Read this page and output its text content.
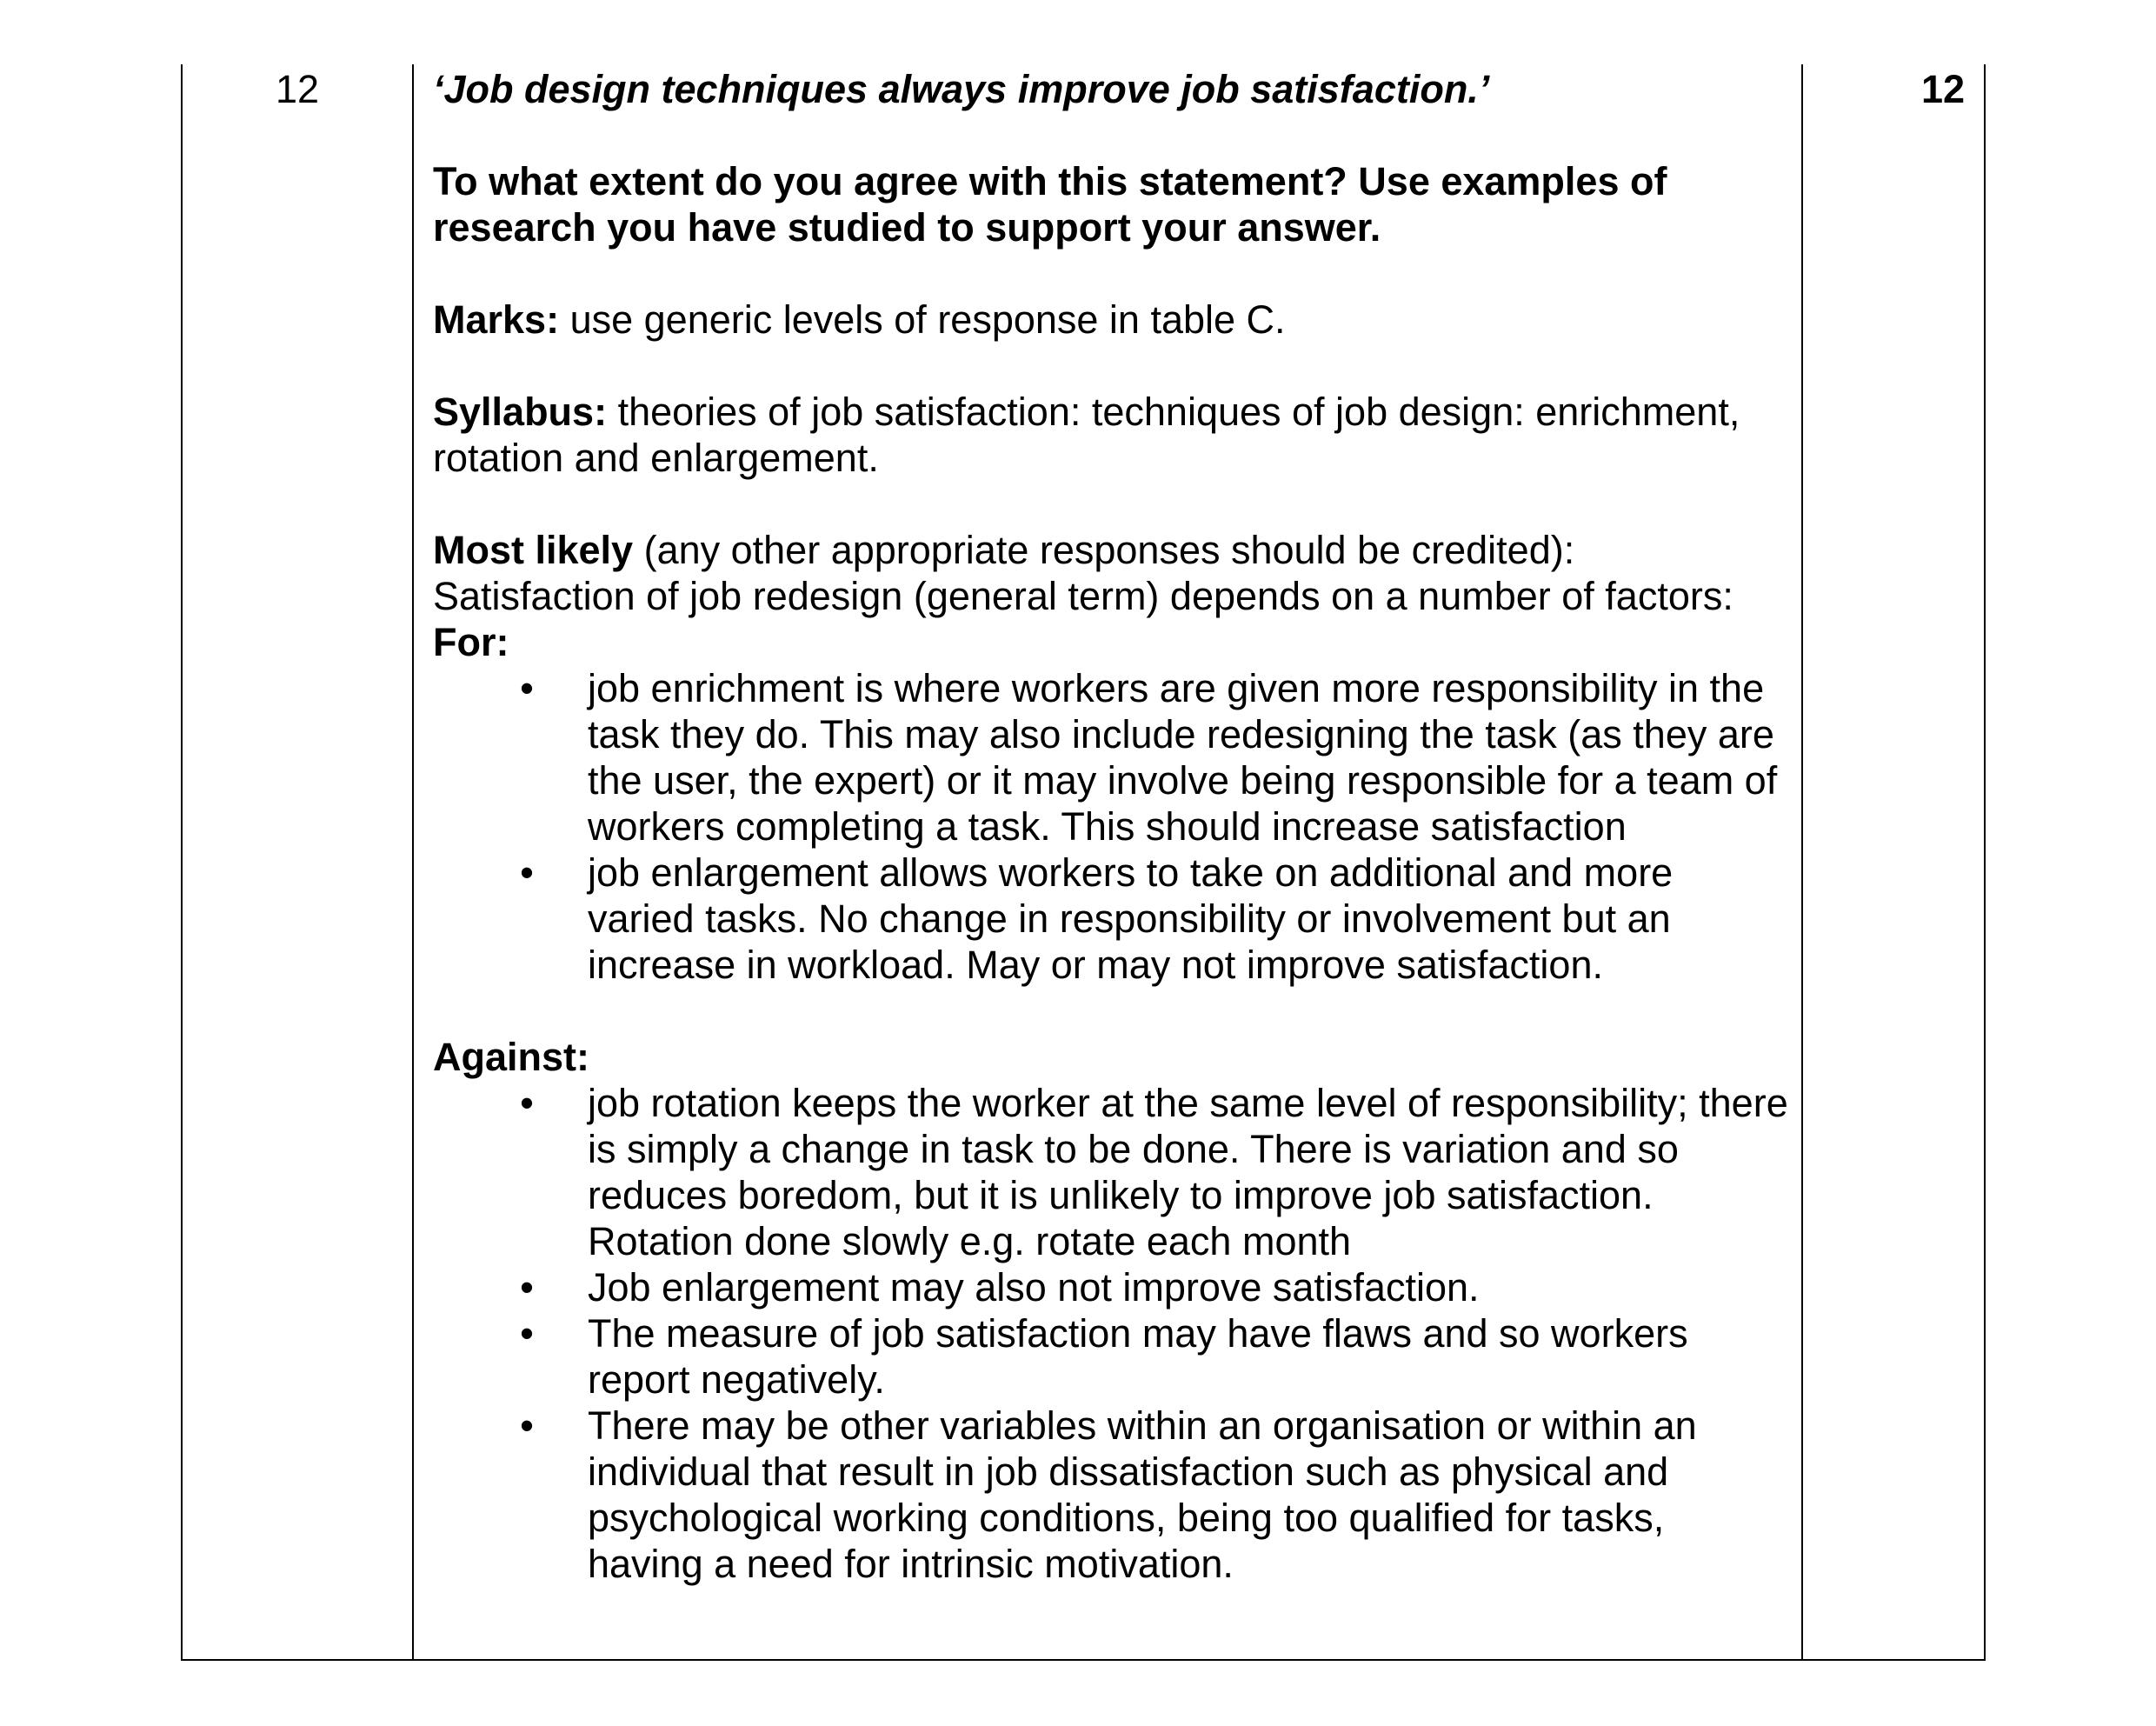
12	12

‘Job design techniques always improve job satisfaction.’

To what extent do you agree with this statement? Use examples of research you have studied to support your answer.

Marks: use generic levels of response in table C.

Syllabus: theories of job satisfaction: techniques of job design: enrichment, rotation and enlargement.

Most likely (any other appropriate responses should be credited):

Satisfaction of job redesign (general term) depends on a number of factors:

For:

• job enrichment is where workers are given more responsibility in the task they do. This may also include redesigning the task (as they are the user, the expert) or it may involve being responsible for a team of workers completing a task. This should increase satisfaction
• job enlargement allows workers to take on additional and more varied tasks. No change in responsibility or involvement but an increase in workload. May or may not improve satisfaction.

Against:

• job rotation keeps the worker at the same level of responsibility; there is simply a change in task to be done. There is variation and so reduces boredom, but it is unlikely to improve job satisfaction. Rotation done slowly e.g. rotate each month
• Job enlargement may also not improve satisfaction.
• The measure of job satisfaction may have flaws and so workers report negatively.
• There may be other variables within an organisation or within an individual that result in job dissatisfaction such as physical and psychological working conditions, being too qualified for tasks, having a need for intrinsic motivation.
